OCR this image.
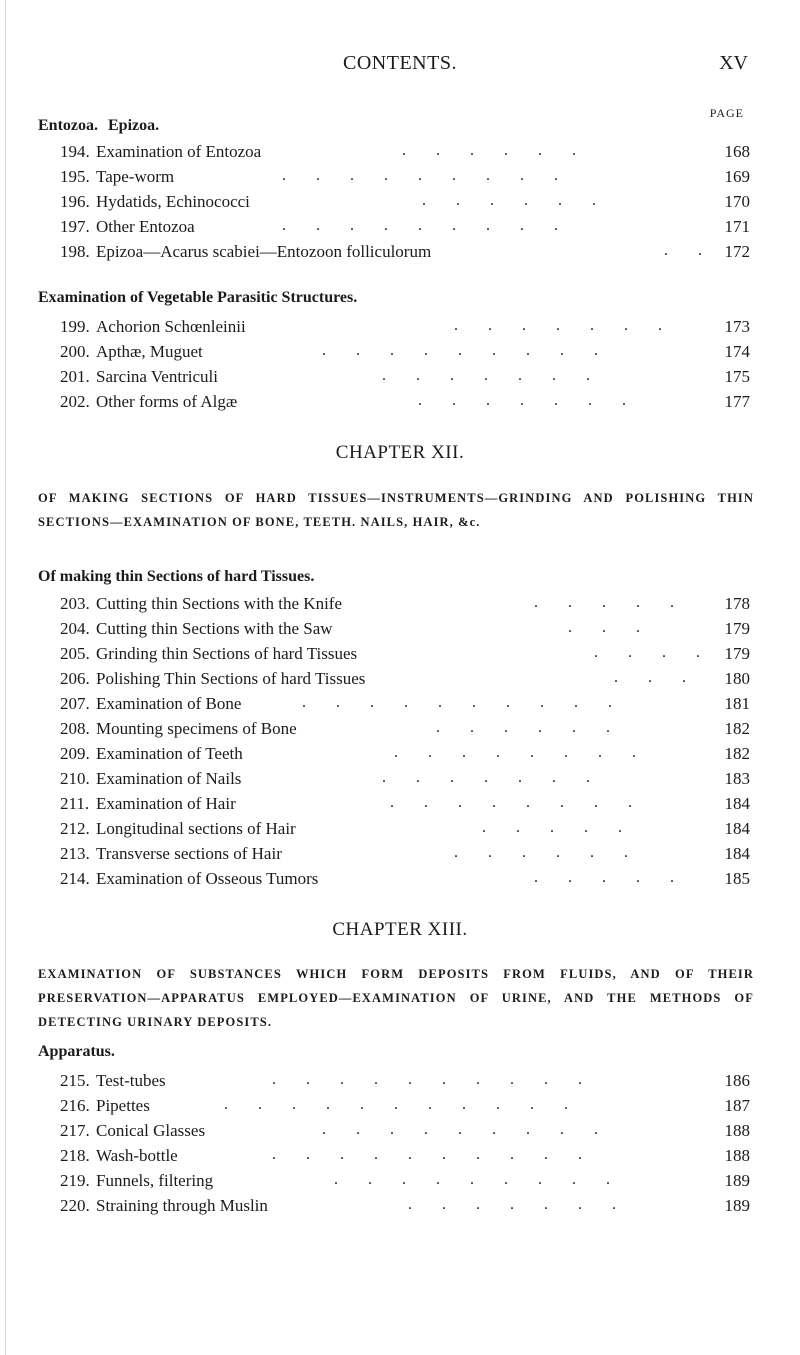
CONTENTS.	XV
PAGE
Entozoa. Epizoa.
194. Examination of Entozoa	. . . . . .	168
195. Tape-worm	. . . . . . . . .	169
196. Hydatids, Echinococci	. . . . . .	170
197. Other Entozoa	. . . . . . . . .	171
198. Epizoa—Acarus scabiei—Entozoon folliculorum	. . 172
Examination of Vegetable Parasitic Structures.
199. Achorion Schœnleinii	. . . . . . .	173
200. Apthæ, Muguet	. . . . . . . . .	174
201. Sarcina Ventriculi	. . . . . . .	175
202. Other forms of Algæ	. . . . . . .	177
CHAPTER XII.
OF MAKING SECTIONS OF HARD TISSUES—INSTRUMENTS—GRINDING AND POLISHING THIN SECTIONS—EXAMINATION OF BONE, TEETH. NAILS, HAIR, &c.
Of making thin Sections of hard Tissues.
203. Cutting thin Sections with the Knife	. . . . .	178
204. Cutting thin Sections with the Saw	. . .	179
205. Grinding thin Sections of hard Tissues	. . . . 179
206. Polishing Thin Sections of hard Tissues	. . .	180
207. Examination of Bone	. . . . . . . . . .	181
208. Mounting specimens of Bone	. . . . . .	182
209. Examination of Teeth	. . . . . . . .	182
210. Examination of Nails	. . . . . . .	183
211. Examination of Hair	. . . . . . . .	184
212. Longitudinal sections of Hair	. . . . .	184
213. Transverse sections of Hair	. . . . . .	184
214. Examination of Osseous Tumors	. . . . .	185
CHAPTER XIII.
EXAMINATION OF SUBSTANCES WHICH FORM DEPOSITS FROM FLUIDS, AND OF THEIR PRESERVATION—APPARATUS EMPLOYED—EXAMINATION OF URINE, AND THE METHODS OF DETECTING URINARY DEPOSITS.
Apparatus.
215. Test-tubes	. . . . . . . . . .	186
216. Pipettes	. . . . . . . . . . .	187
217. Conical Glasses	. . . . . . . . .	188
218. Wash-bottle	. . . . . . . . . .	188
219. Funnels, filtering	. . . . . . . . .	189
220. Straining through Muslin	. . . . . . .	189
